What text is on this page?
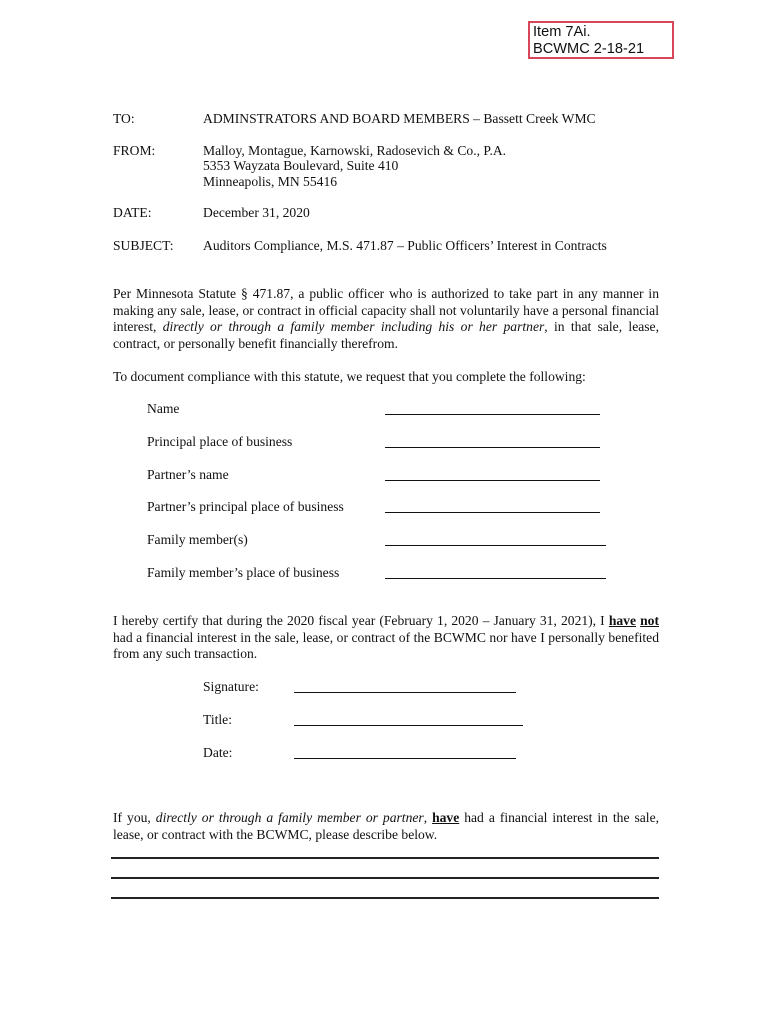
Item 7Ai.
BCWMC 2-18-21
TO:	ADMINSTRATORS AND BOARD MEMBERS – Bassett Creek WMC
FROM:	Malloy, Montague, Karnowski, Radosevich & Co., P.A.
5353 Wayzata Boulevard, Suite 410
Minneapolis, MN 55416
DATE:	December 31, 2020
SUBJECT: Auditors Compliance, M.S. 471.87 – Public Officers’ Interest in Contracts
Per Minnesota Statute § 471.87, a public officer who is authorized to take part in any manner in making any sale, lease, or contract in official capacity shall not voluntarily have a personal financial interest, directly or through a family member including his or her partner, in that sale, lease, contract, or personally benefit financially therefrom.
To document compliance with this statute, we request that you complete the following:
Name
Principal place of business
Partner’s name
Partner’s principal place of business
Family member(s)
Family member’s place of business
I hereby certify that during the 2020 fiscal year (February 1, 2020 – January 31, 2021), I have not had a financial interest in the sale, lease, or contract of the BCWMC nor have I personally benefited from any such transaction.
Signature:
Title:
Date:
If you, directly or through a family member or partner, have had a financial interest in the sale, lease, or contract with the BCWMC, please describe below.
